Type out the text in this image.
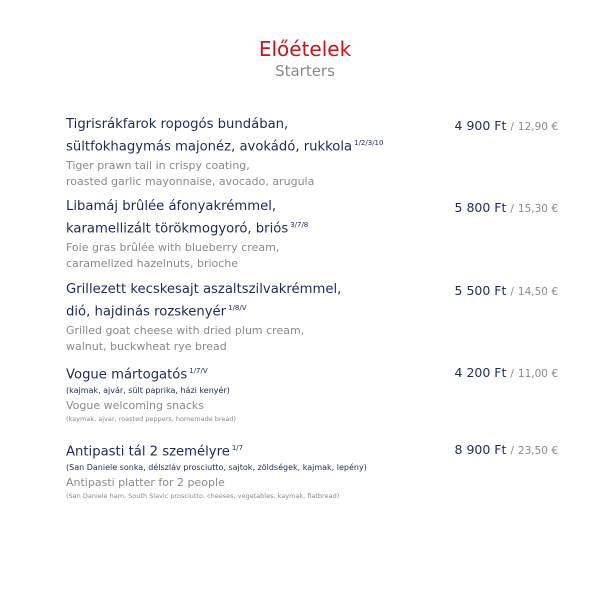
Előételek
Starters
Tigrisrákfarok ropogós bundában,
sültfokhagymás majonéz, avokádó, rukkola $^{1/2/3/10}$
Tiger prawn tail in crispy coating,
roasted garlic mayonnaise, avocado, arugula
4 900 Ft / 12,90 €
Libamáj brûlée áfonyakrémmel,
karamellizált törökmogyoró, briós $^{3/7/8}$
Foie gras brûlée with blueberry cream,
caramelized hazelnuts, brioche
5 800 Ft / 15,30 €
Grillezett kecskesajt aszaltszilvakrémmel,
dió, hajdinás rozskenyér $^{1/8/V}$
Grilled goat cheese with dried plum cream,
walnut, buckwheat rye bread
5 500 Ft / 14,50 €
Vogue mártogatós $^{1/7/V}$
(kajmak, ajvár, sült paprika, házi kenyér)
Vogue welcoming snacks
(kaymak, ajvar, roasted peppers, homemade bread)
4 200 Ft / 11,00 €
Antipasti tál 2 személyre $^{1/7}$
(San Daniele sonka, délszláv prosciutto, sajtok, zöldségek, kajmak, lepény)
Antipasti platter for 2 people
(San Daniele ham, South Slavic prosciutto, cheeses, vegetables, kaymak, flatbread)
8 900 Ft / 23,50 €
